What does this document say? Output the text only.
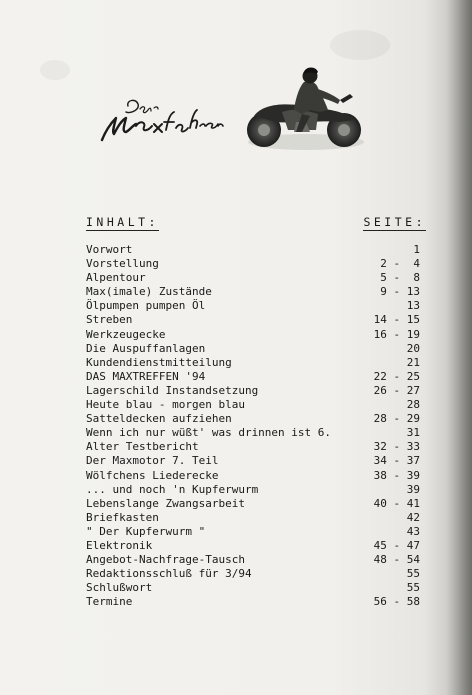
INHALT:	SEITE:
Vorwort	1
Vorstellung	2 -  4
Alpentour	5 -  8
Max(imale) Zustände	9 - 13
Ölpumpen pumpen Öl	13
Streben	14 - 15
Werkzeugecke	16 - 19
Die Auspuffanlagen	20
Kundendienstmitteilung	21
DAS MAXTREFFEN '94	22 - 25
Lagerschild Instandsetzung	26 - 27
Heute blau - morgen blau	28
Satteldecken aufziehen	28 - 29
Wenn ich nur wüßt' was drinnen ist 6.	31
Alter Testbericht	32 - 33
Der Maxmotor 7. Teil	34 - 37
Wölfchens Liederecke	38 - 39
... und noch 'n Kupferwurm	39
Lebenslange Zwangsarbeit	40 - 41
Briefkasten	42
" Der Kupferwurm "	43
Elektronik	45 - 47
Angebot-Nachfrage-Tausch	48 - 54
Redaktionsschluß für 3/94	55
Schlußwort	55
Termine	56 - 58
